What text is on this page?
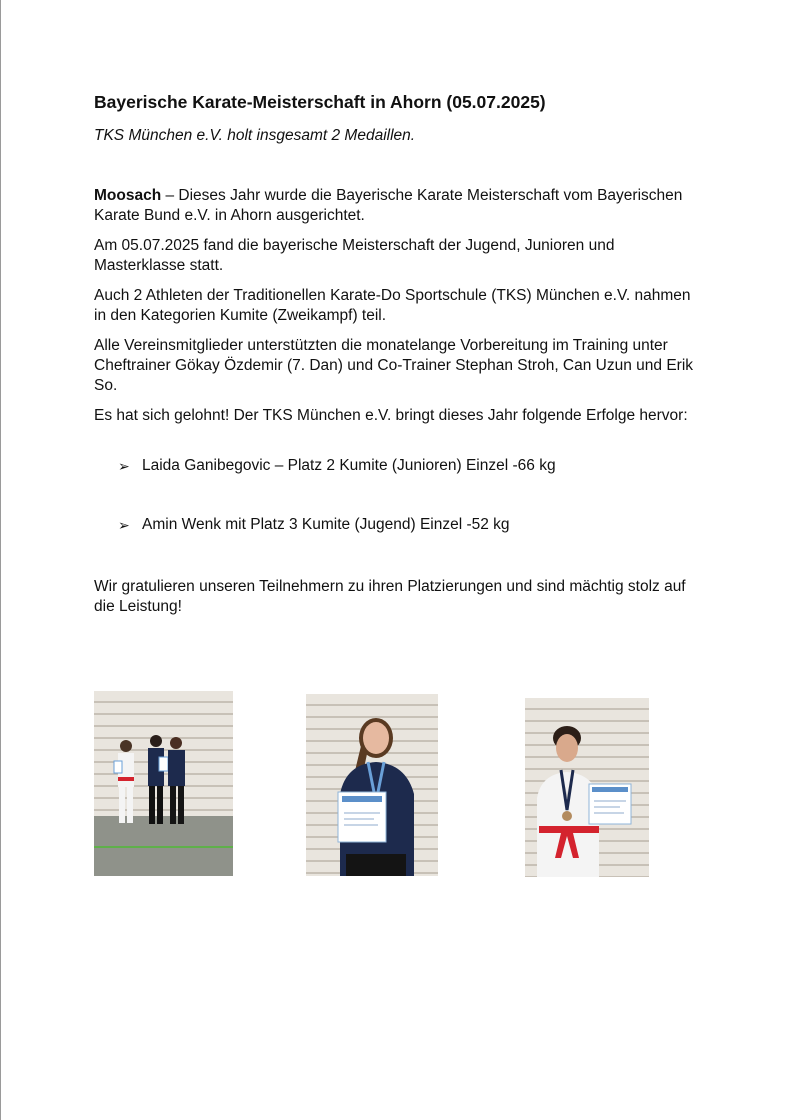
Bayerische Karate-Meisterschaft in Ahorn (05.07.2025)

TKS München e.V. holt insgesamt 2 Medaillen.

Moosach – Dieses Jahr wurde die Bayerische Karate Meisterschaft vom Bayerischen Karate Bund e.V. in Ahorn ausgerichtet.

Am 05.07.2025 fand die bayerische Meisterschaft der Jugend, Junioren und Masterklasse statt.

Auch 2 Athleten der Traditionellen Karate-Do Sportschule (TKS) München e.V. nahmen in den Kategorien Kumite (Zweikampf) teil.

Alle Vereinsmitglieder unterstützten die monatelange Vorbereitung im Training unter Cheftrainer Gökay Özdemir (7. Dan) und Co-Trainer Stephan Stroh, Can Uzun und Erik So.

Es hat sich gelohnt! Der TKS München e.V. bringt dieses Jahr folgende Erfolge hervor:

➢ Laida Ganibegovic – Platz 2 Kumite (Junioren) Einzel -66 kg
➢ Amin Wenk mit Platz 3 Kumite (Jugend) Einzel -52 kg

Wir gratulieren unseren Teilnehmern zu ihren Platzierungen und sind mächtig stolz auf die Leistung!
